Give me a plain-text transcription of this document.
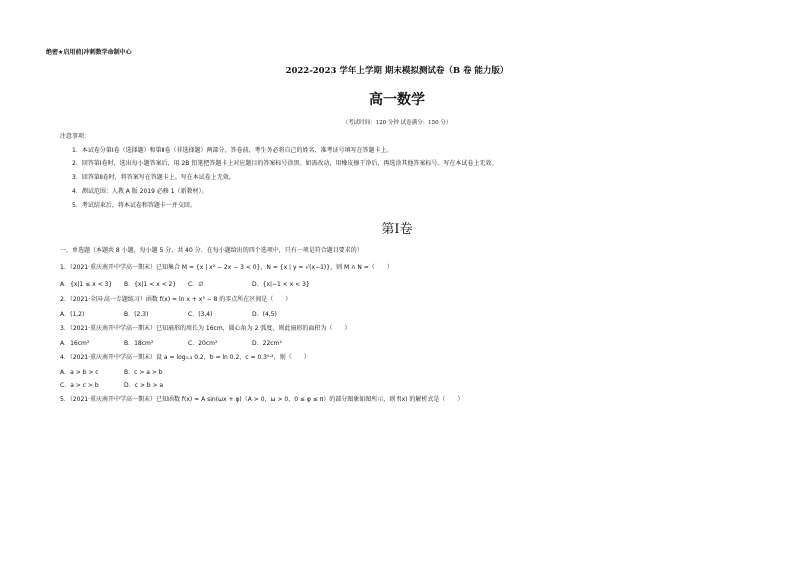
绝密★启用前|冲刺数学命制中心
2022-2023 学年上学期 期末模拟测试卷（B 卷 能力版）
高一数学
（考试时间：120 分钟 试卷满分：150 分）
注意事项：
1．本试卷分第Ⅰ卷（选择题）和第Ⅱ卷（非选择题）两部分。答卷前，考生务必将自己的姓名、准考证号填写在答题卡上。
2．回答第Ⅰ卷时，选出每小题答案后，用 2B 铅笔把答题卡上对应题目的答案标号涂黑。如需改动，用橡皮擦干净后，再选涂其他答案标号。写在本试卷上无效。
3．回答第Ⅱ卷时，将答案写在答题卡上。写在本试卷上无效。
4．测试范围：人教 A 版 2019 必修 1（新教材）。
5．考试结束后，将本试卷和答题卡一并交回。
第Ⅰ卷
一、单选题（本题共 8 小题，每小题 5 分，共 40 分．在每小题给出的四个选项中，只有一项是符合题目要求的）
1．（2021·重庆南开中学高一期末）已知集合 M = {x | x² − 2x − 3 < 0}，N = {x | y = √(x−1)}，则 M ∩ N =（　　）
A．{x|1 ≤ x < 3} B．{x|1 < x < 2} C．∅	D．{x|−1 < x < 3}
2．（2021·全国·高一专题练习）函数 f(x) = ln x + x³ − 8 的零点所在区间是（　　）
A．(1,2)	B．(2,3)	C．(3,4)	D．(4,5)
3．（2021·重庆南开中学高一期末）已知扇形的周长为 16cm，圆心角为 2 弧度，则此扇形的面积为（　　）
A．16cm²	B．18cm²	C．20cm²	D．22cm²
4．（2021·重庆南开中学高一期末）设 a = log₀.₃ 0.2，b = ln 0.2，c = 0.3⁰·²，则（　　）
A．a > b > c	B．c > a > b
C．a > c > b	D．c > b > a
5．（2021·重庆南开中学高一期末）已知函数 f(x) = A sin(ωx + φ)（A > 0，ω > 0，0 ≤ φ ≤ π）的部分图象如图所示，则 f(x) 的解析式是（　　）
